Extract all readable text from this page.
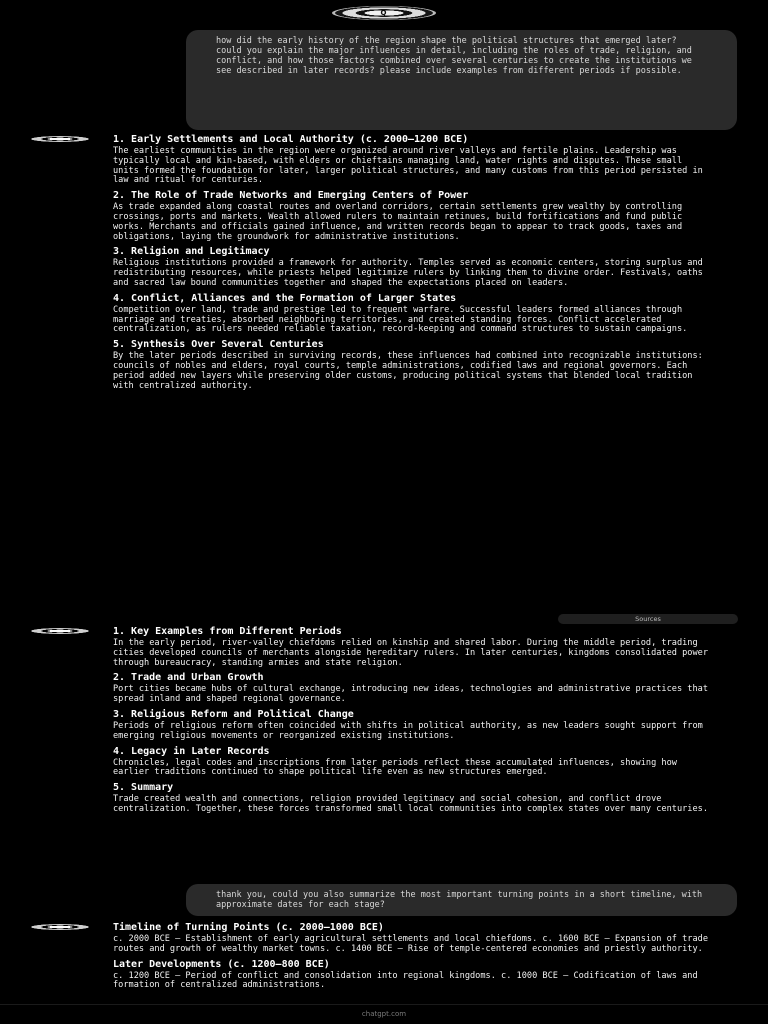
Q
how did the early history of the region shape the political structures that emerged later? could you explain the major influences in detail, including the roles of trade, religion, and conflict, and how those factors combined over several centuries to create the institutions we see described in later records? please include examples from different periods if possible.

1. Early Settlements and Local Authority (c. 2000–1200 BCE)

The earliest communities in the region were organized around river valleys and fertile plains. Leadership was typically local and kin-based, with elders or chieftains managing land, water rights and disputes. These small units formed the foundation for later, larger political structures, and many customs from this period persisted in law and ritual for centuries.

2. The Role of Trade Networks and Emerging Centers of Power

As trade expanded along coastal routes and overland corridors, certain settlements grew wealthy by controlling crossings, ports and markets. Wealth allowed rulers to maintain retinues, build fortifications and fund public works. Merchants and officials gained influence, and written records began to appear to track goods, taxes and obligations, laying the groundwork for administrative institutions.

3. Religion and Legitimacy

Religious institutions provided a framework for authority. Temples served as economic centers, storing surplus and redistributing resources, while priests helped legitimize rulers by linking them to divine order. Festivals, oaths and sacred law bound communities together and shaped the expectations placed on leaders.

4. Conflict, Alliances and the Formation of Larger States

Competition over land, trade and prestige led to frequent warfare. Successful leaders formed alliances through marriage and treaties, absorbed neighboring territories, and created standing forces. Conflict accelerated centralization, as rulers needed reliable taxation, record-keeping and command structures to sustain campaigns.

5. Synthesis Over Several Centuries

By the later periods described in surviving records, these influences had combined into recognizable institutions: councils of nobles and elders, royal courts, temple administrations, codified laws and regional governors. Each period added new layers while preserving older customs, producing political systems that blended local tradition with centralized authority.

Sources

1. Key Examples from Different Periods

In the early period, river-valley chiefdoms relied on kinship and shared labor. During the middle period, trading cities developed councils of merchants alongside hereditary rulers. In later centuries, kingdoms consolidated power through bureaucracy, standing armies and state religion.

2. Trade and Urban Growth

Port cities became hubs of cultural exchange, introducing new ideas, technologies and administrative practices that spread inland and shaped regional governance.

3. Religious Reform and Political Change

Periods of religious reform often coincided with shifts in political authority, as new leaders sought support from emerging religious movements or reorganized existing institutions.

4. Legacy in Later Records

Chronicles, legal codes and inscriptions from later periods reflect these accumulated influences, showing how earlier traditions continued to shape political life even as new structures emerged.

5. Summary

Trade created wealth and connections, religion provided legitimacy and social cohesion, and conflict drove centralization. Together, these forces transformed small local communities into complex states over many centuries.

thank you, could you also summarize the most important turning points in a short timeline, with approximate dates for each stage?

Timeline of Turning Points (c. 2000–1000 BCE)

c. 2000 BCE — Establishment of early agricultural settlements and local chiefdoms. c. 1600 BCE — Expansion of trade routes and growth of wealthy market towns. c. 1400 BCE — Rise of temple-centered economies and priestly authority.

Later Developments (c. 1200–800 BCE)

c. 1200 BCE — Period of conflict and consolidation into regional kingdoms. c. 1000 BCE — Codification of laws and formation of centralized administrations.

chatgpt.com
